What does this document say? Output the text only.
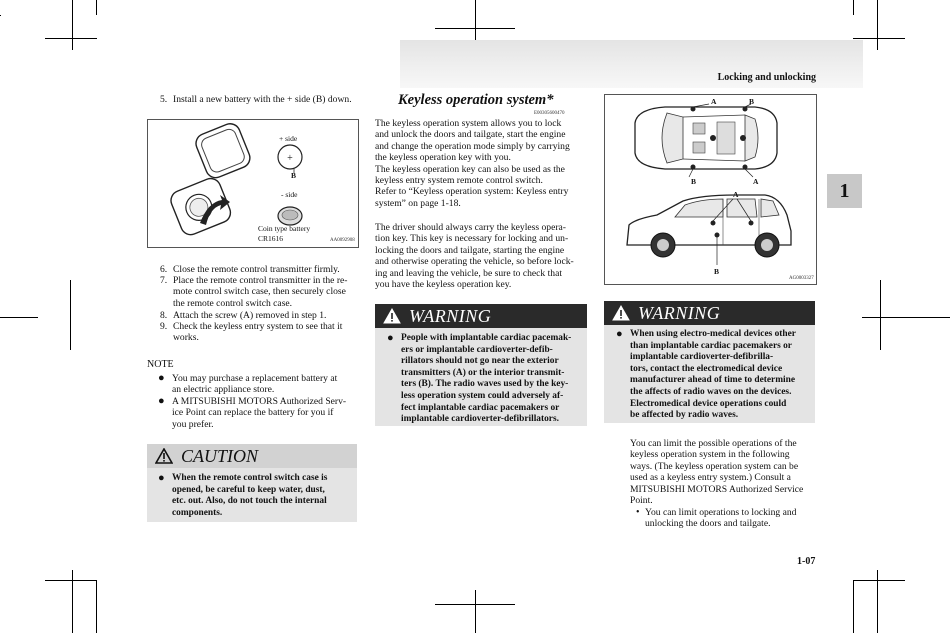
Locking and unlocking
1
5. Install a new battery with the + side (B) down.
+
+ side
B
- side
Coin type battery
CR1616	AA0092908
6. Close the remote control transmitter firmly.
7. Place the remote control transmitter in the re-
mote control switch case, then securely close
the remote control switch case.
8. Attach the screw (A) removed in step 1.
9. Check the keyless entry system to see that it
works.
NOTE
● You may purchase a replacement battery at
an electric appliance store.
● A MITSUBISHI MOTORS Authorized Serv-
ice Point can replace the battery for you if
you prefer.
CAUTION
● When the remote control switch case is
opened, be careful to keep water, dust,
etc. out. Also, do not touch the internal
components.
Keyless operation system*
E00305600470
The keyless operation system allows you to lock
and unlock the doors and tailgate, start the engine
and change the operation mode simply by carrying
the keyless operation key with you.
The keyless operation key can also be used as the
keyless entry system remote control switch.
Refer to “Keyless operation system: Keyless entry
system” on page 1-18.
The driver should always carry the keyless opera-
tion key. This key is necessary for locking and un-
locking the doors and tailgate, starting the engine
and otherwise operating the vehicle, so before lock-
ing and leaving the vehicle, be sure to check that
you have the keyless operation key.
WARNING
● People with implantable cardiac pacemak-
ers or implantable cardioverter-defib-
rillators should not go near the exterior
transmitters (A) or the interior transmit-
ters (B). The radio waves used by the key-
less operation system could adversely af-
fect implantable cardiac pacemakers or
implantable cardioverter-defibrillators.
A	B
B	A
A
B
AG0003327
WARNING
● When using electro-medical devices other
than implantable cardiac pacemakers or
implantable cardioverter-defibrilla-
tors, contact the electromedical device
manufacturer ahead of time to determine
the affects of radio waves on the devices.
Electromedical device operations could
be affected by radio waves.
You can limit the possible operations of the
keyless operation system in the following
ways. (The keyless operation system can be
used as a keyless entry system.) Consult a
MITSUBISHI MOTORS Authorized Service
Point.
• You can limit operations to locking and
unlocking the doors and tailgate.
1-07
